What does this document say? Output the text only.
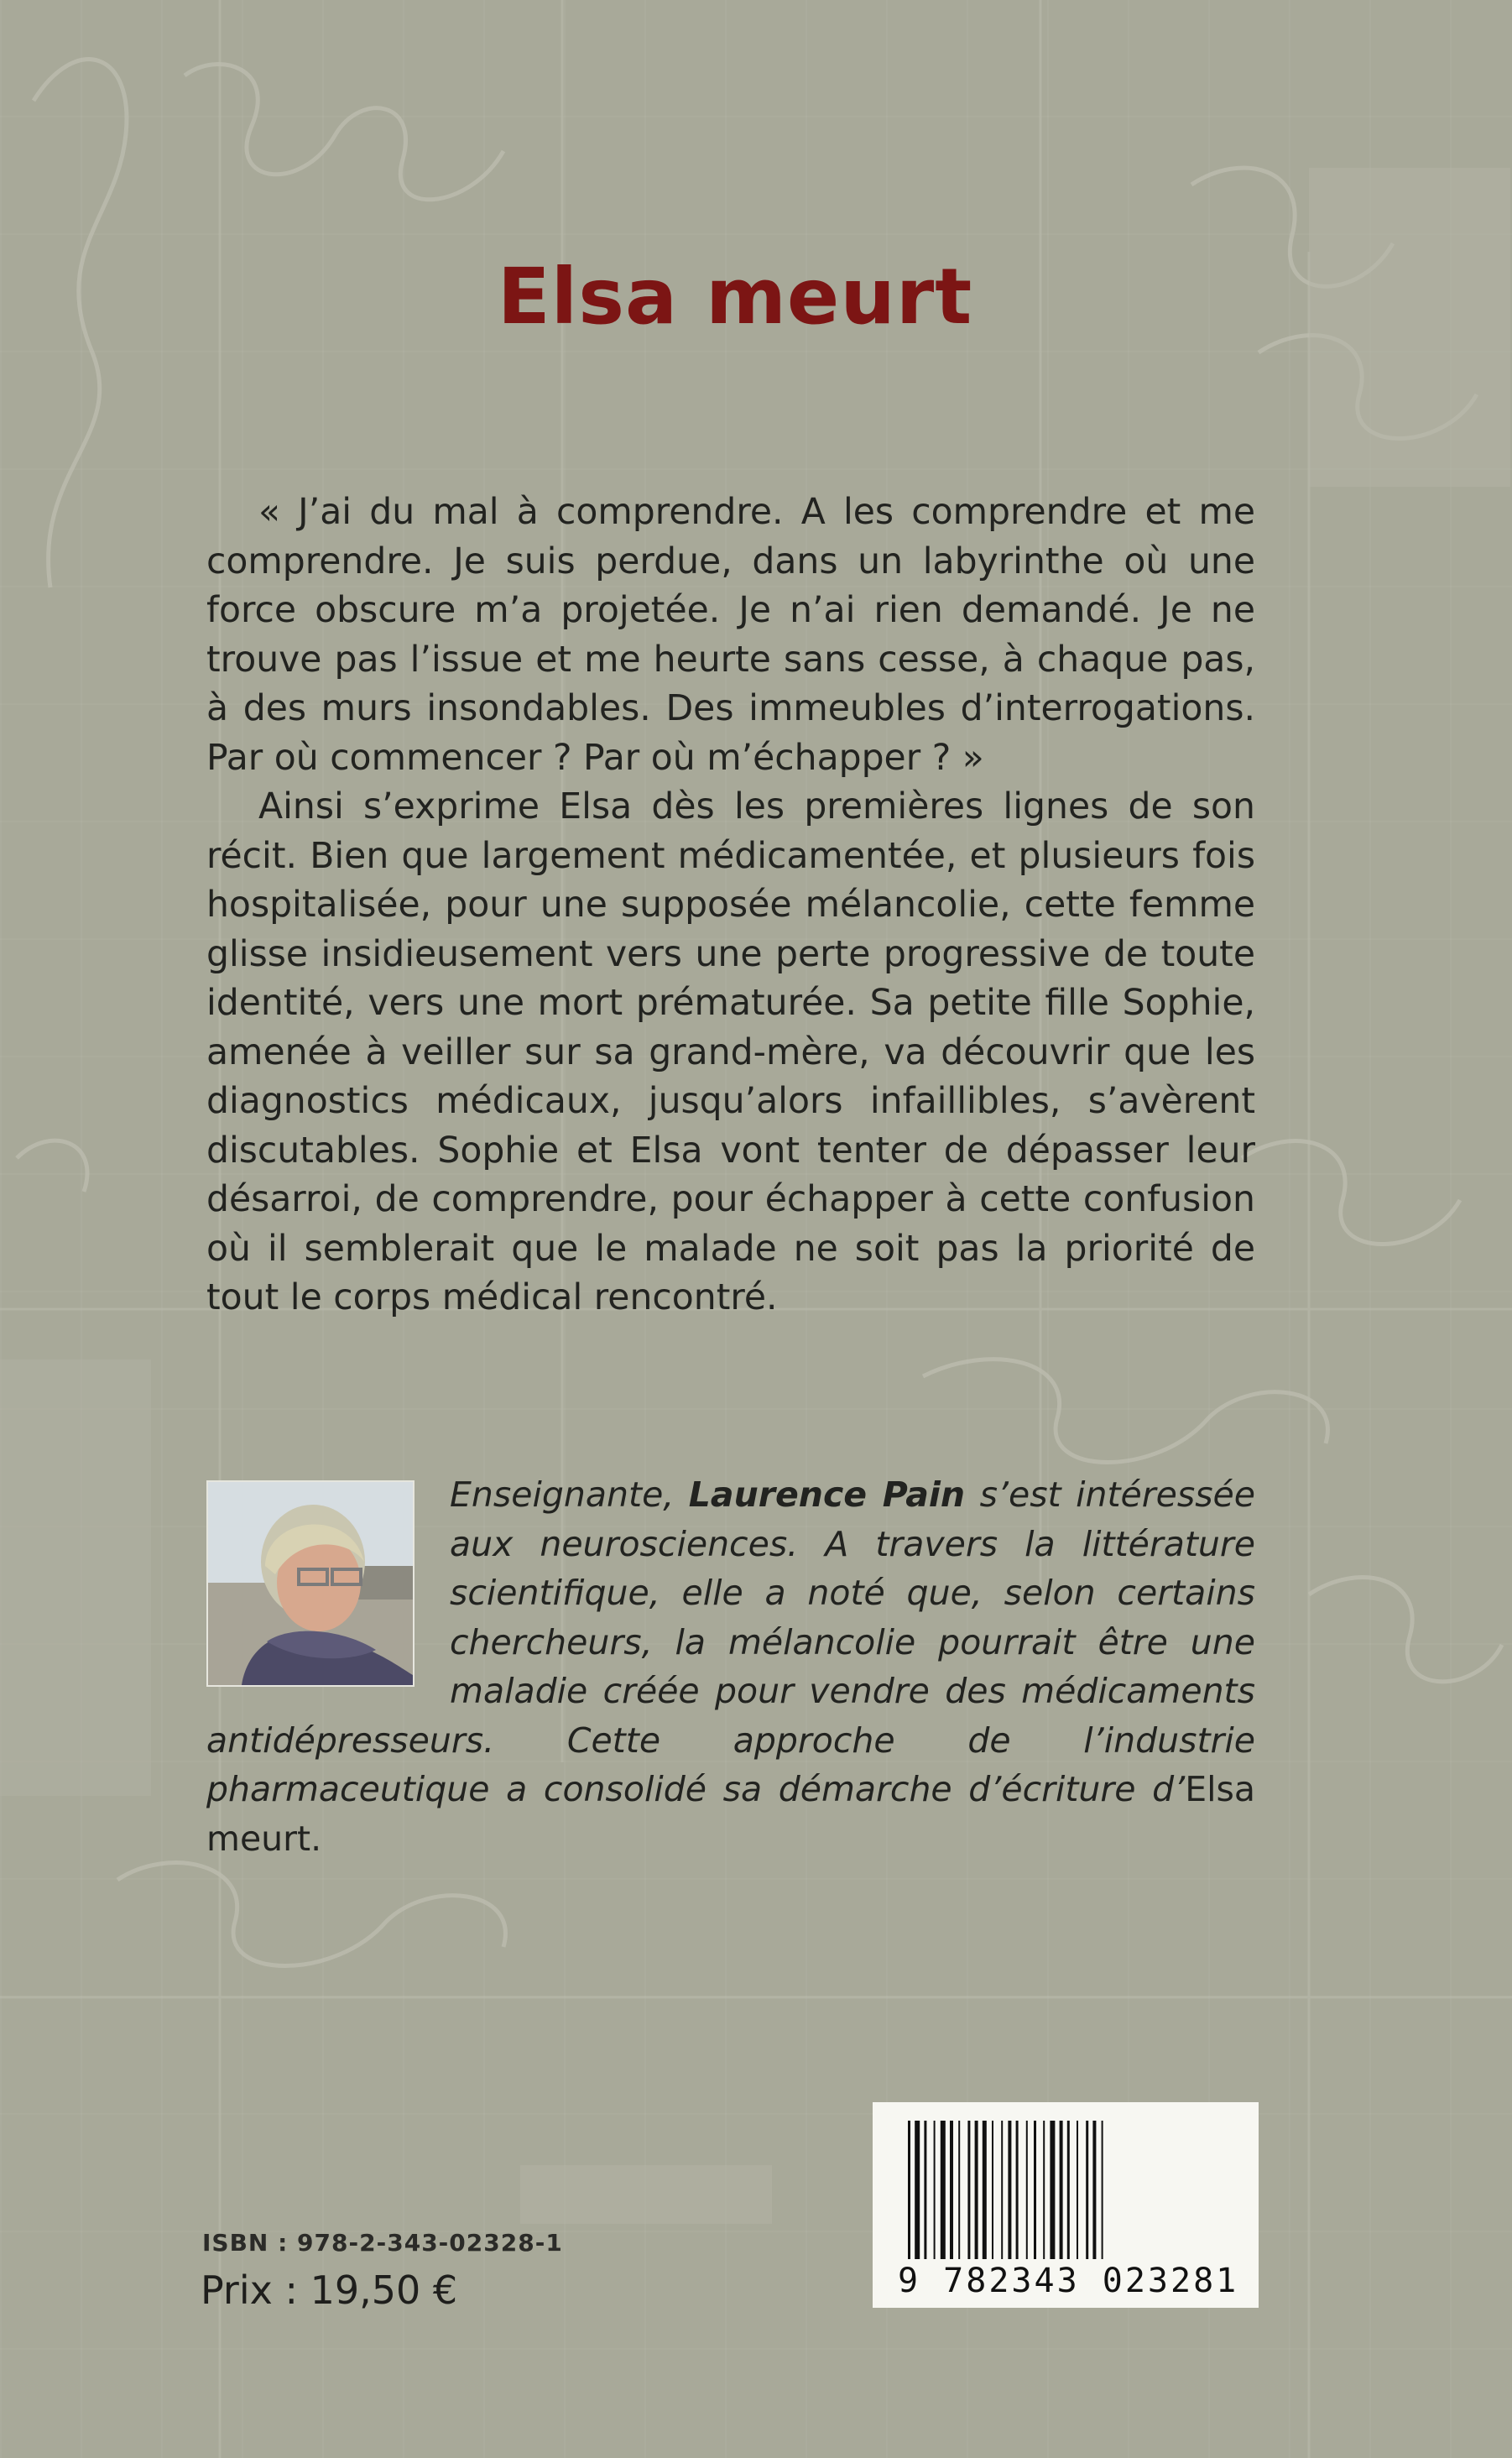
Elsa meurt

« J’ai du mal à comprendre. A les comprendre et me comprendre. Je suis perdue, dans un labyrinthe où une force obscure m’a projetée. Je n’ai rien demandé. Je ne trouve pas l’issue et me heurte sans cesse, à chaque pas, à des murs insondables. Des immeubles d’interrogations. Par où commencer ? Par où m’échapper ? »

Ainsi s’exprime Elsa dès les premières lignes de son récit. Bien que largement médicamentée, et plusieurs fois hospitalisée, pour une supposée mélancolie, cette femme glisse insidieusement vers une perte progressive de toute identité, vers une mort prématurée. Sa petite fille Sophie, amenée à veiller sur sa grand-mère, va découvrir que les diagnostics médicaux, jusqu’alors infaillibles, s’avèrent discutables. Sophie et Elsa vont tenter de dépasser leur désarroi, de comprendre, pour échapper à cette confusion où il semblerait que le malade ne soit pas la priorité de tout le corps médical rencontré.

Enseignante, Laurence Pain s’est intéressée aux neurosciences. A travers la littérature scientifique, elle a noté que, selon certains chercheurs, la mélancolie pourrait être une maladie créée pour vendre des médicaments antidépresseurs. Cette approche de l’industrie pharmaceutique a consolidé sa démarche d’écriture d’Elsa meurt.

ISBN : 978-2-343-02328-1

Prix : 19,50 €	9 782343 023281
